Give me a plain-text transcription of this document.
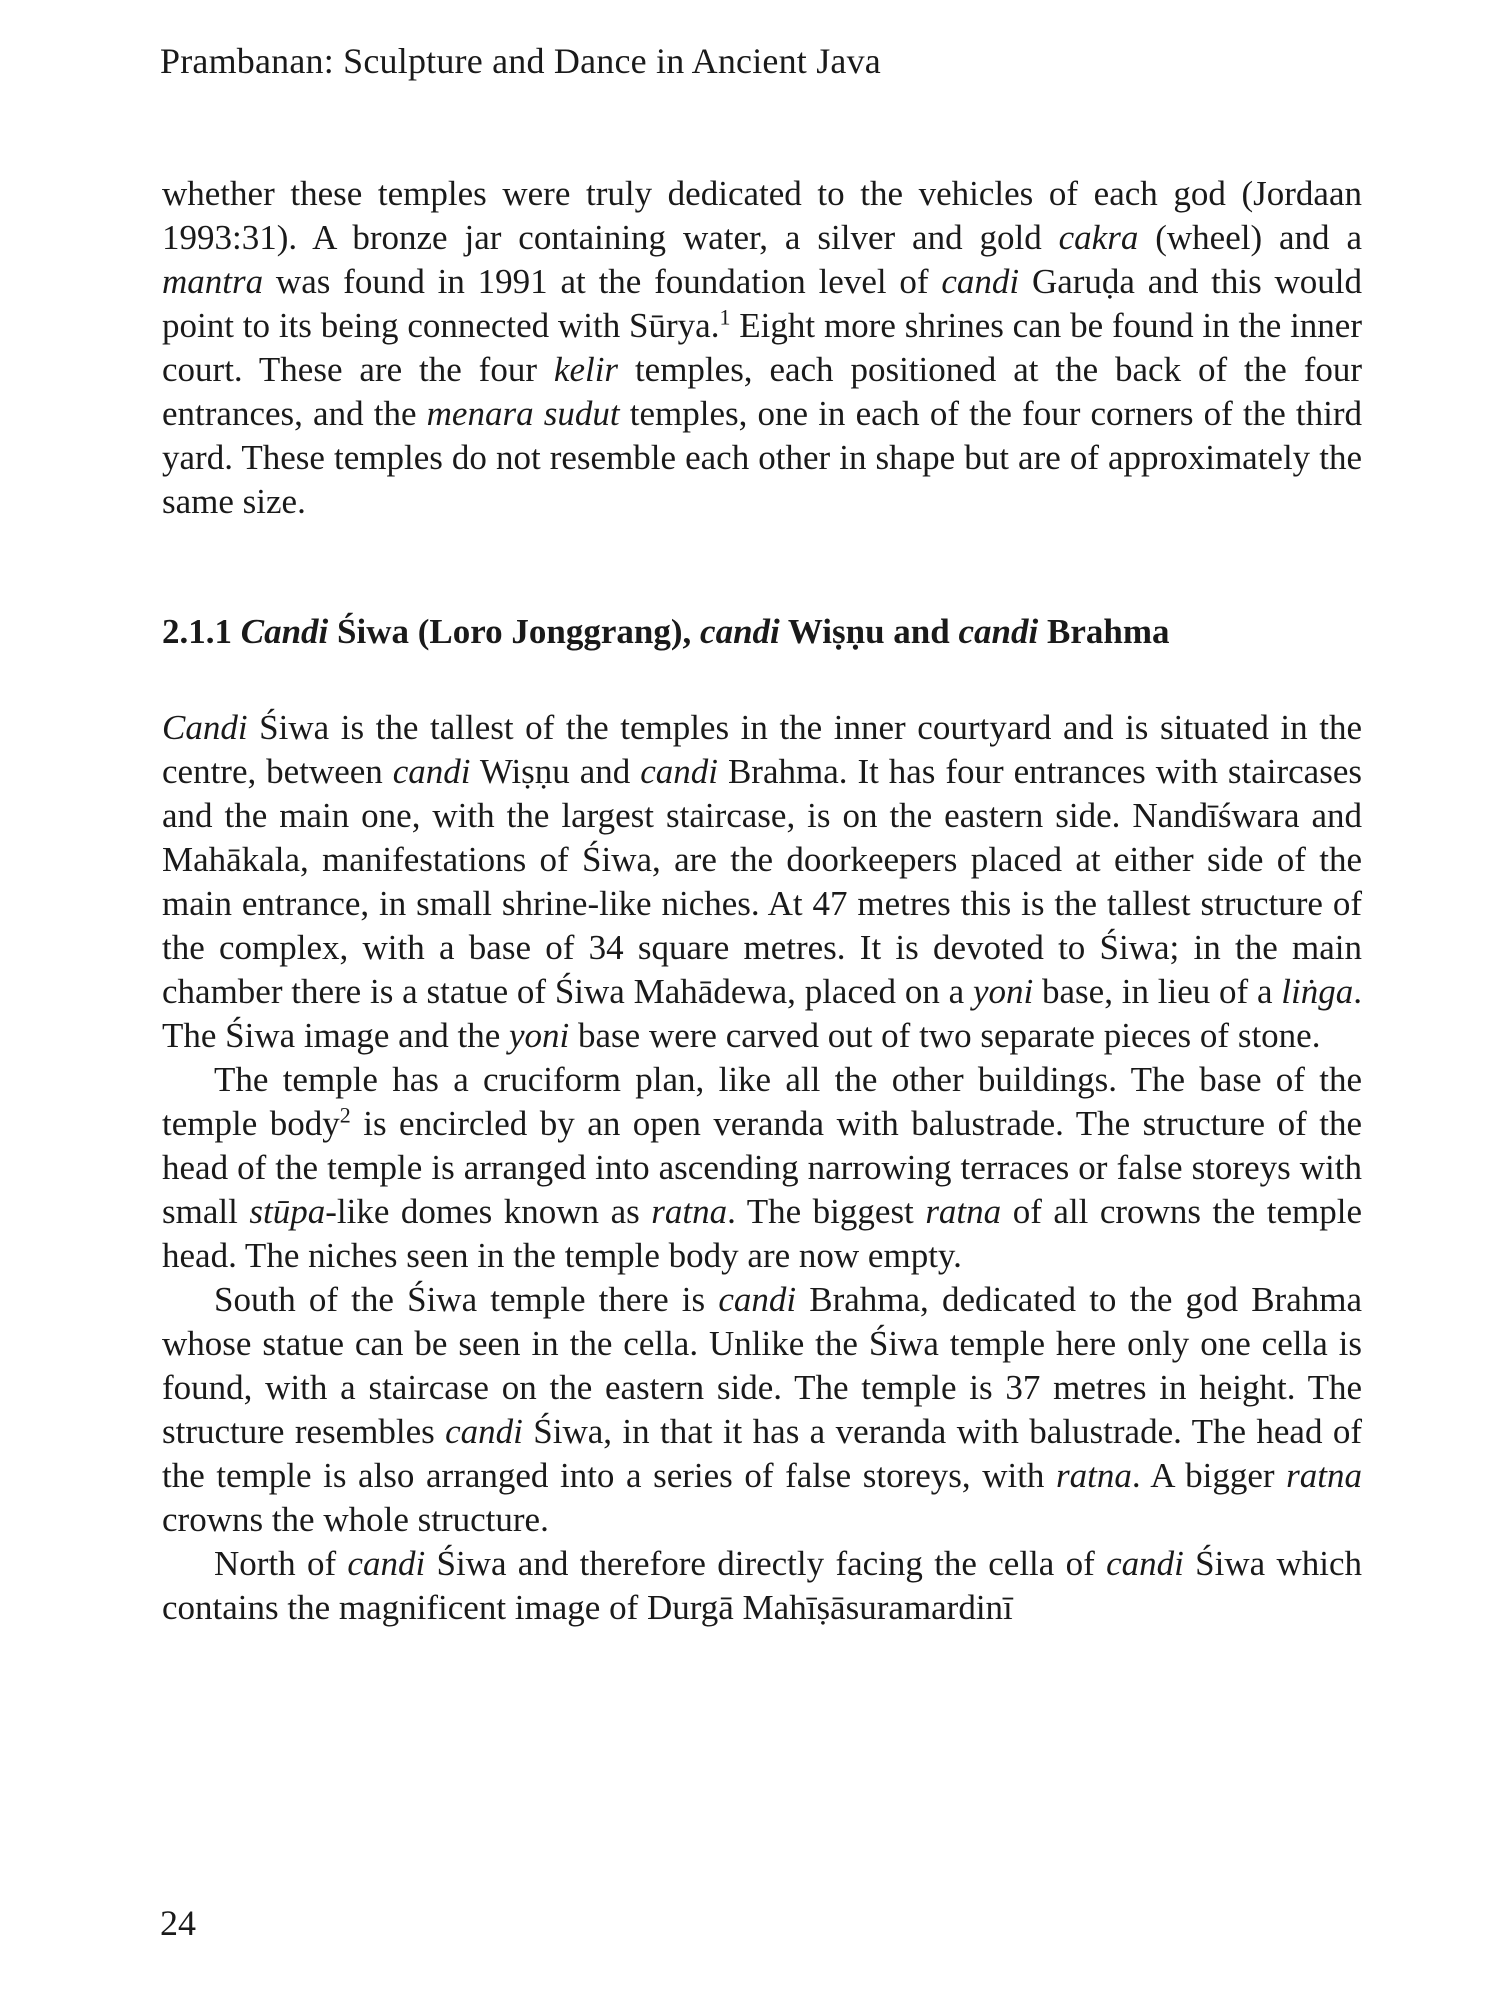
Prambanan: Sculpture and Dance in Ancient Java

whether these temples were truly dedicated to the vehicles of each god (Jordaan 1993:31). A bronze jar containing water, a silver and gold cakra (wheel) and a mantra was found in 1991 at the foundation level of candi Garuḍa and this would point to its being connected with Sūrya.$^1$ Eight more shrines can be found in the inner court. These are the four kelir temples, each positioned at the back of the four entrances, and the menara sudut temples, one in each of the four corners of the third yard. These temples do not resemble each other in shape but are of approximately the same size.

2.1.1 Candi Śiwa (Loro Jonggrang), candi Wiṣṇu and candi Brahma

Candi Śiwa is the tallest of the temples in the inner courtyard and is situated in the centre, between candi Wiṣṇu and candi Brahma. It has four entrances with staircases and the main one, with the largest staircase, is on the eastern side. Nandīśwara and Mahākala, manifestations of Śiwa, are the doorkeepers placed at either side of the main entrance, in small shrine-like niches. At 47 metres this is the tallest structure of the complex, with a base of 34 square metres. It is devoted to Śiwa; in the main chamber there is a statue of Śiwa Mahādewa, placed on a yoni base, in lieu of a liṅga. The Śiwa image and the yoni base were carved out of two separate pieces of stone.

The temple has a cruciform plan, like all the other buildings. The base of the temple body$^2$ is encircled by an open veranda with balustrade. The structure of the head of the temple is arranged into ascending narrowing terraces or false storeys with small stūpa-like domes known as ratna. The biggest ratna of all crowns the temple head. The niches seen in the temple body are now empty.

South of the Śiwa temple there is candi Brahma, dedicated to the god Brahma whose statue can be seen in the cella. Unlike the Śiwa temple here only one cella is found, with a staircase on the eastern side. The temple is 37 metres in height. The structure resembles candi Śiwa, in that it has a veranda with balustrade. The head of the temple is also arranged into a series of false storeys, with ratna. A bigger ratna crowns the whole structure.

North of candi Śiwa and therefore directly facing the cella of candi Śiwa which contains the magnificent image of Durgā Mahīṣāsuramardinī

24
